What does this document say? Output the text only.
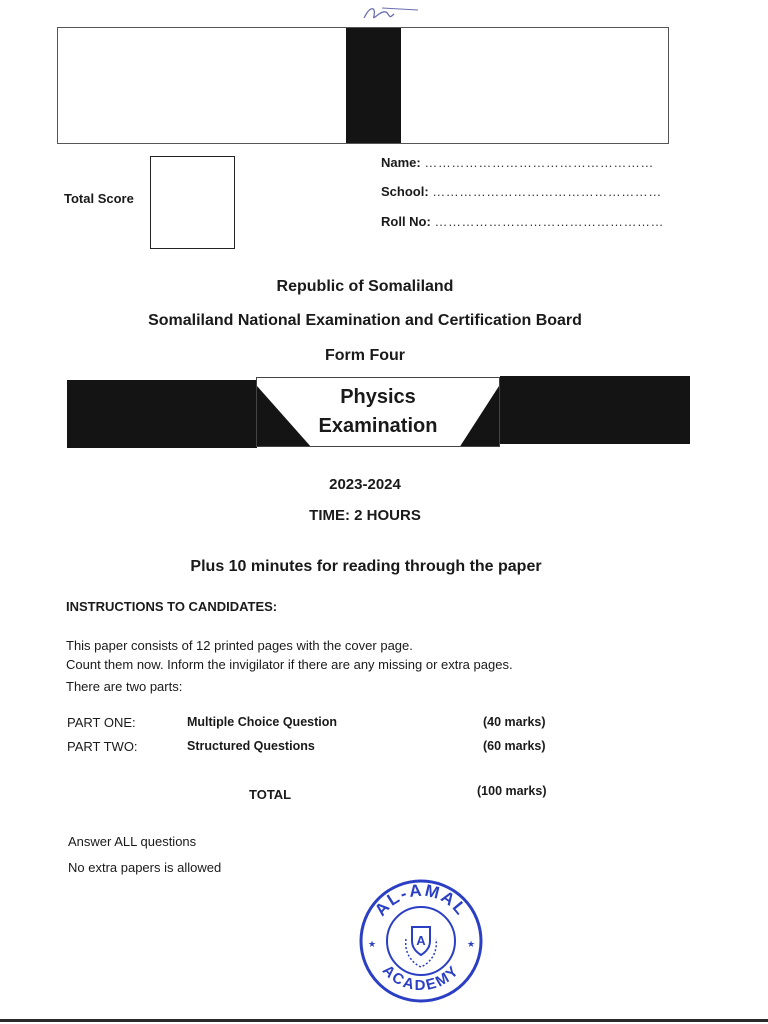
Total Score
Name: ……………………………………………
School: ……………………………………………
Roll No: ……………………………………………
Republic of Somaliland
Somaliland National Examination and Certification Board
Form Four
Physics
Examination
2023-2024
TIME: 2 HOURS
Plus 10 minutes for reading through the paper
INSTRUCTIONS TO CANDIDATES:
This paper consists of 12 printed pages with the cover page.
Count them now. Inform the invigilator if there are any missing or extra pages.
There are two parts:
PART ONE:	Multiple Choice Question	(40 marks)
PART TWO:	Structured Questions	(60 marks)
TOTAL	(100 marks)
Answer ALL questions
No extra papers is allowed
AL-AMAL
ACADEMY
A
★	★
